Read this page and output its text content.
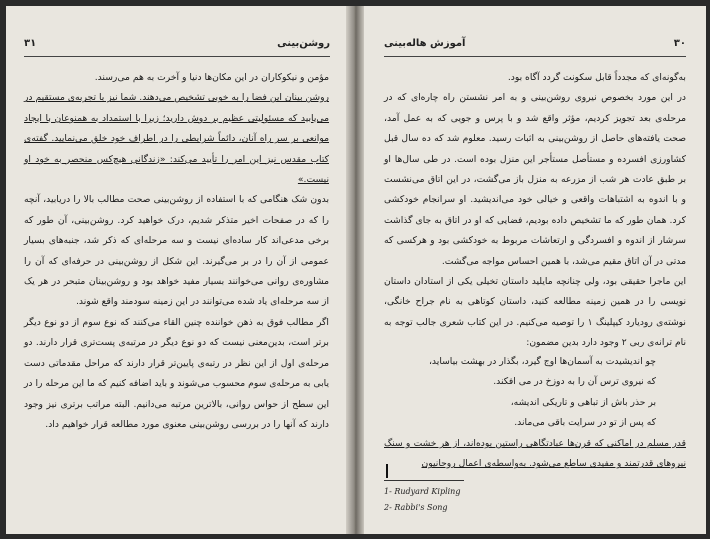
۳۱	روشن‌بینی

مؤمن و نیکوکاران در این مکان‌ها دنیا و آخرت به هم می‌رسند.

روشن بینان این فضا را به خوبی تشخیص می‌دهند. شما نیز با تجربه‌ی مستقیم در می‌یابید که مسئولیتی عظیم بر دوش دارید؛ زیرا با استمداد به همنوعان با ایجاد موانعی بر سر راه آنان، دائماً شرایطی را در اطراف خود خلق می‌نمایید. گفته‌ی کتاب مقدس نیز این امر را تأیید می‌کند: «زندگانی هیچ‌کس منحصر به خود او نیست.»

بدون شک هنگامی که با استفاده از روشن‌بینی صحت مطالب بالا را در‌یابید، آنچه را که در صفحات اخیر متذکر شدیم، درک خواهید کرد. روشن‌بینی، آن طور که برخی مدعی‌اند کار ساده‌ای نیست و سه مرحله‌ای که ذکر شد، جنبه‌های بسیار عمومی از آن را در بر می‌گیرند. این شکل از روشن‌بینی در حرفه‌ای که آن را مشاوره‌ی روانی می‌خوانند بسیار مفید خواهد بود و روشن‌بینان متبحر در هر یک از سه مرحله‌ای یاد شده می‌توانند در این زمینه سودمند واقع شوند.

اگر مطالب فوق به ذهن خواننده چنین القاء می‌کنند که نوع سوم از دو نوع دیگر برتر است، بدین‌معنی نیست که دو نوع دیگر در مرتبه‌ی پست‌تری قرار دارند. دو مرحله‌ی اول از این نظر در رتبه‌ی پایین‌تر قرار دارند که مراحل مقدماتی دست یابی به مرحله‌ی سوم محسوب می‌شوند و باید اضافه کنیم که ما این مرحله را در این سطح از حواس روانی، بالاترین مرتبه می‌دانیم. البته مراتب برتری نیز وجود دارند که آنها را در بررسی روشن‌بینی معنوی مورد مطالعه قرار خواهیم داد.

آموزش هاله‌بینی	۳۰

به‌گونه‌ای که مجدداً قابل سکونت گردد آگاه بود.

در این مورد بخصوص نیروی روشن‌بینی و به امر نشستن راه چاره‌ای که در مرحله‌ی بعد تجویز کردیم، مؤثر واقع شد و با پرس و جویی که به عمل آمد، صحت یافته‌های حاصل از روشن‌بینی به اثبات رسید. معلوم شد که ده سال قبل کشاورزی افسرده و مستأصل مستأجر این منزل بوده است. در طی سال‌ها او بر طبق عادت هر شب از مزرعه به منزل باز می‌گشت، در این اتاق می‌نشست و با اندوه به اشتباهات واقعی و خیالی خود می‌اندیشید. او سرانجام خودکشی کرد. همان طور که ما تشخیص داده بودیم، فضایی که او در اتاق به جای گذاشت سرشار از اندوه و افسردگی و ارتعاشات مربوط به خودکشی بود و هرکسی که مدتی در آن اتاق مقیم می‌شد، با همین احساس مواجه می‌گشت.

این ماجرا حقیقی بود، ولی چنانچه مایلید داستان تخیلی یکی از استادان داستان نویسی را در همین زمینه مطالعه کنید، داستان کوتاهی به نام جراح خانگی، نوشته‌ی رودیارد کیپلینگ ۱ را توصیه می‌کنیم. در این کتاب شعری جالب توجه به نام ترانه‌ی ربی ۲ وجود دارد بدین مضمون:

چو اندیشیدت به آسمان‌ها اوج گیرد، بگذار در بهشت بیاساید،
که نیروی ترس آن را به دوزخ در می افکند.
بر حذر باش از تباهی و تاریکی اندیشه،
که پس از تو در سرایت باقی می‌ماند.
قدر مسلم در اماکنی که قرن‌ها عبادتگاهی راستین بوده‌اند، از هر خشت و سنگ نیروهای قدرتمند و مفیدی ساطع می‌شود. به‌واسطه‌ی اعمال روحانیون
1- Rudyard Kipling
2- Rabbi's Song
